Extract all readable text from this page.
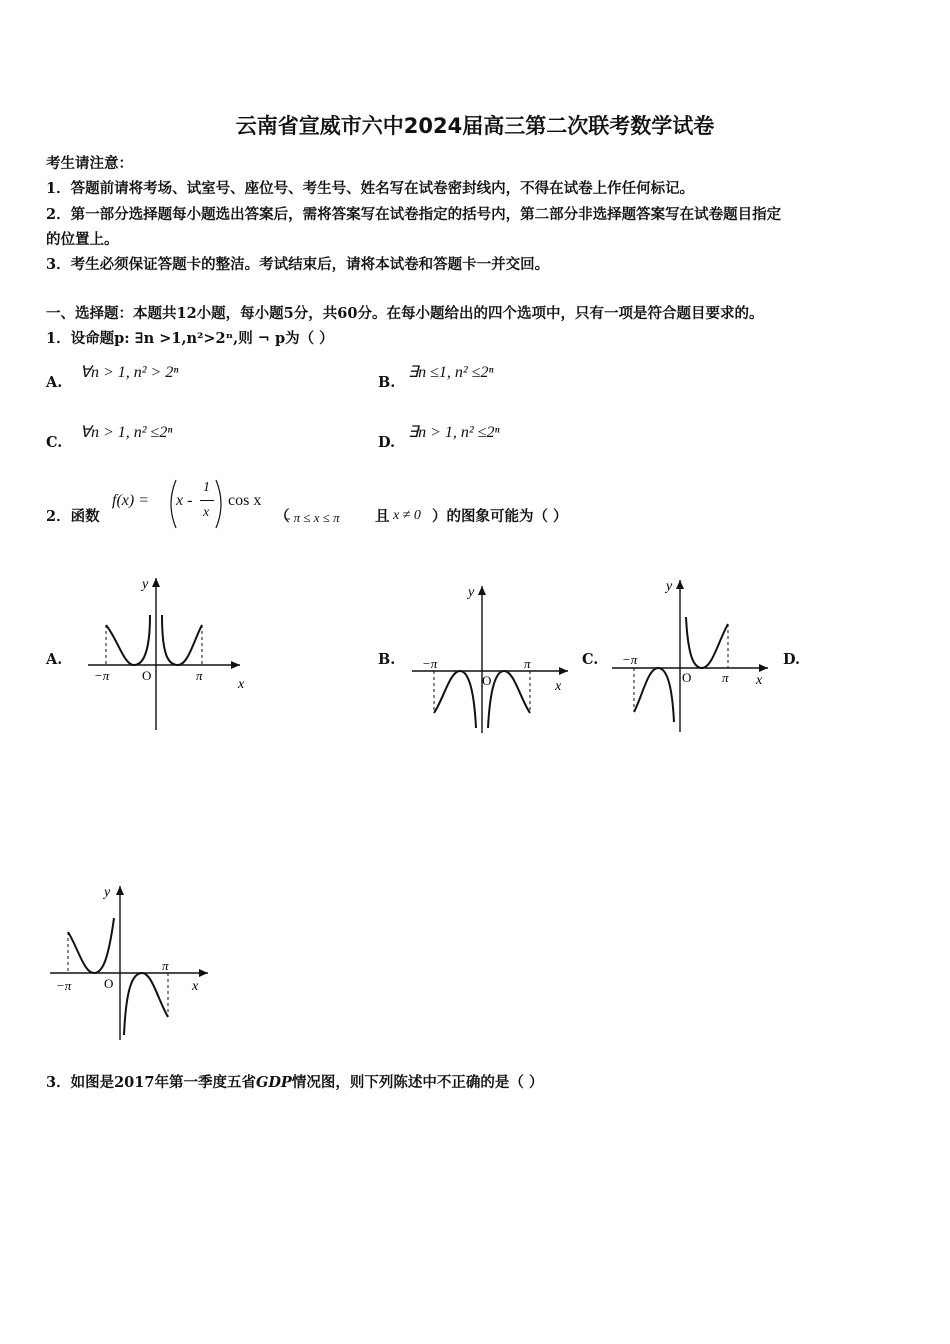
云南省宣威市六中2024届高三第二次联考数学试卷
考生请注意：
1．答题前请将考场、试室号、座位号、考生号、姓名写在试卷密封线内，不得在试卷上作任何标记。
2．第一部分选择题每小题选出答案后，需将答案写在试卷指定的括号内，第二部分非选择题答案写在试卷题目指定
的位置上。
3．考生必须保证答题卡的整洁。考试结束后，请将本试卷和答题卡一并交回。
一、选择题：本题共12小题，每小题5分，共60分。在每小题给出的四个选项中，只有一项是符合题目要求的。
1．设命题p: ∃n >1,n²>2ⁿ,则 ¬ p为（ ）
A.
∀n > 1, n² > 2ⁿ
B.
∃n ≤1, n² ≤2ⁿ
C.
∀n > 1, n² ≤2ⁿ
D.
∃n > 1, n² ≤2ⁿ
2．函数
f(x) = x -
1
x
cos x
（
- π ≤ x ≤ π 且 x ≠ 0 ）的图象可能为（ ）
A.	B.	C.	D.
y
x
O
−π	π
y
x
O
−π	π
y
x
O
−π
π
y
x
O
−π
π
3．如图是2017年第一季度五省GDP情况图，则下列陈述中不正确的是（ ）
